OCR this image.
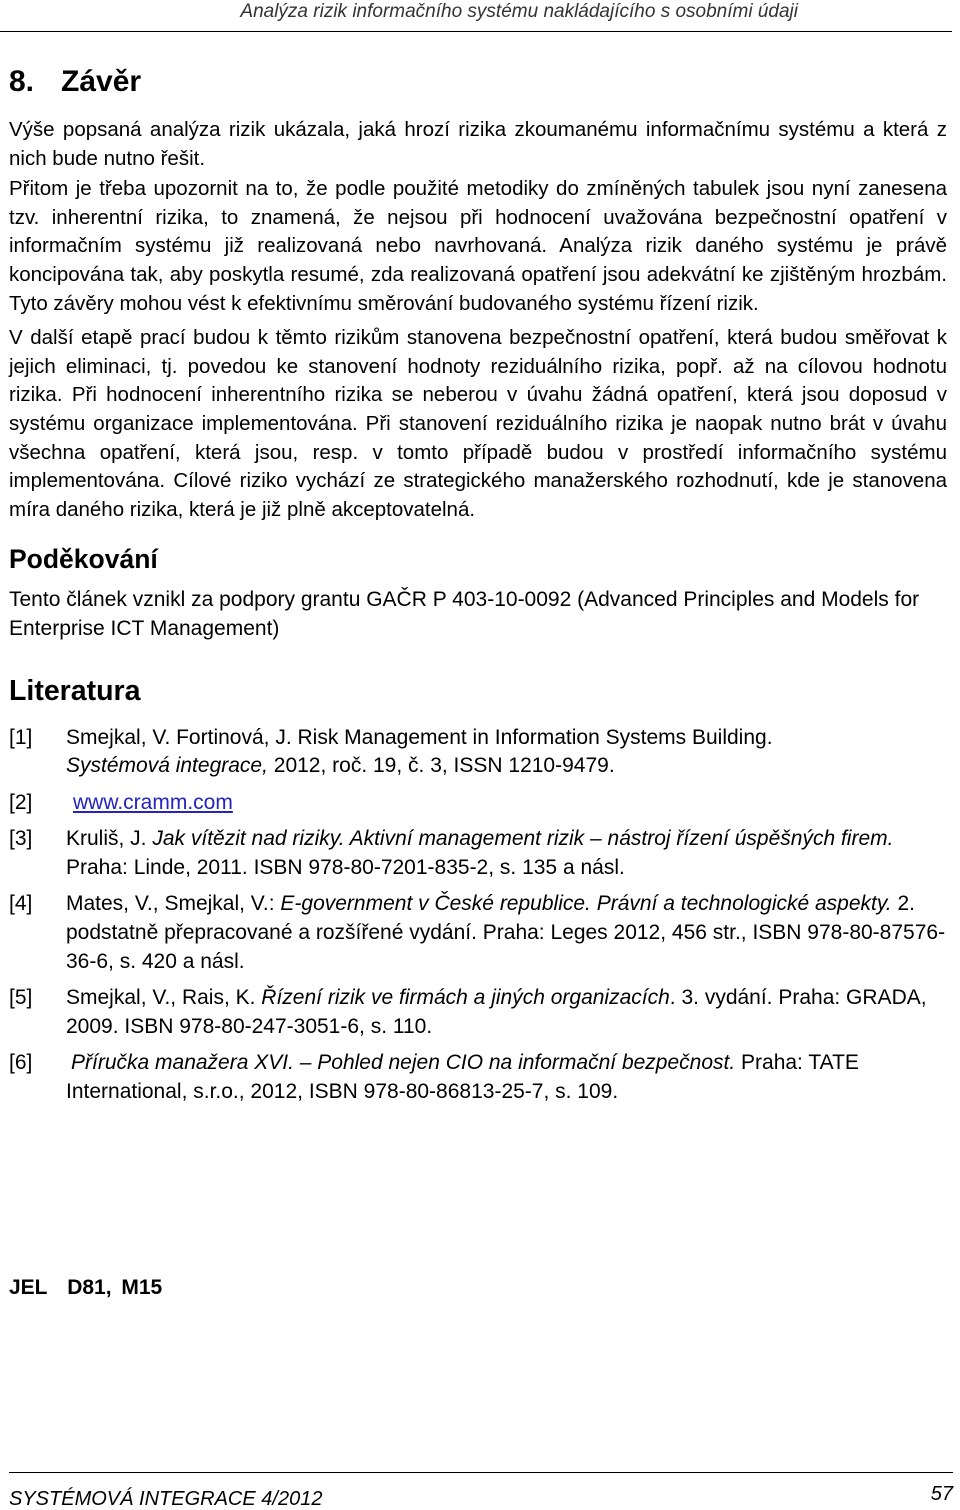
Analýza rizik informačního systému nakládajícího s osobními údaji
8. Závěr

Výše popsaná analýza rizik ukázala, jaká hrozí rizika zkoumanému informačnímu systému a která z nich bude nutno řešit.

Přitom je třeba upozornit na to, že podle použité metodiky do zmíněných tabulek jsou nyní zanesena tzv. inherentní rizika, to znamená, že nejsou při hodnocení uvažována bezpečnostní opatření v informačním systému již realizovaná nebo navrhovaná. Analýza rizik daného systému je právě koncipována tak, aby poskytla resumé, zda realizovaná opatření jsou adekvátní ke zjištěným hrozbám. Tyto závěry mohou vést k efektivnímu směrování budovaného systému řízení rizik.

V další etapě prací budou k těmto rizikům stanovena bezpečnostní opatření, která budou směřovat k jejich eliminaci, tj. povedou ke stanovení hodnoty reziduálního rizika, popř. až na cílovou hodnotu rizika. Při hodnocení inherentního rizika se neberou v úvahu žádná opatření, která jsou doposud v systému organizace implementována. Při stanovení reziduálního rizika je naopak nutno brát v úvahu všechna opatření, která jsou, resp. v tomto případě budou v prostředí informačního systému implementována. Cílové riziko vychází ze strategického manažerského rozhodnutí, kde je stanovena míra daného rizika, která je již plně akceptovatelná.

Poděkování

Tento článek vznikl za podpory grantu GAČR P 403-10-0092 (Advanced Principles and Models for Enterprise ICT Management)

Literatura
[1]	Smejkal, V. Fortinová, J. Risk Management in Information Systems Building.
Systémová integrace, 2012, roč. 19, č. 3, ISSN 1210-9479.
[2]	www.cramm.com
[3]	Kruliš, J. Jak vítězit nad riziky. Aktivní management rizik – nástroj řízení úspěšných firem. Praha: Linde, 2011. ISBN 978-80-7201-835-2, s. 135 a násl.
[4]	Mates, V., Smejkal, V.: E-government v České republice. Právní a technologické aspekty. 2. podstatně přepracované a rozšířené vydání. Praha: Leges 2012, 456 str., ISBN 978-80-87576-36-6, s. 420 a násl.
[5]	Smejkal, V., Rais, K. Řízení rizik ve firmách a jiných organizacích. 3. vydání. Praha: GRADA, 2009. ISBN 978-80-247-3051-6, s. 110.
[6]	Příručka manažera XVI. – Pohled nejen CIO na informační bezpečnost. Praha: TATE International, s.r.o., 2012, ISBN 978-80-86813-25-7, s. 109.
JEL D81, M15
SYSTÉMOVÁ INTEGRACE 4/2012	57
